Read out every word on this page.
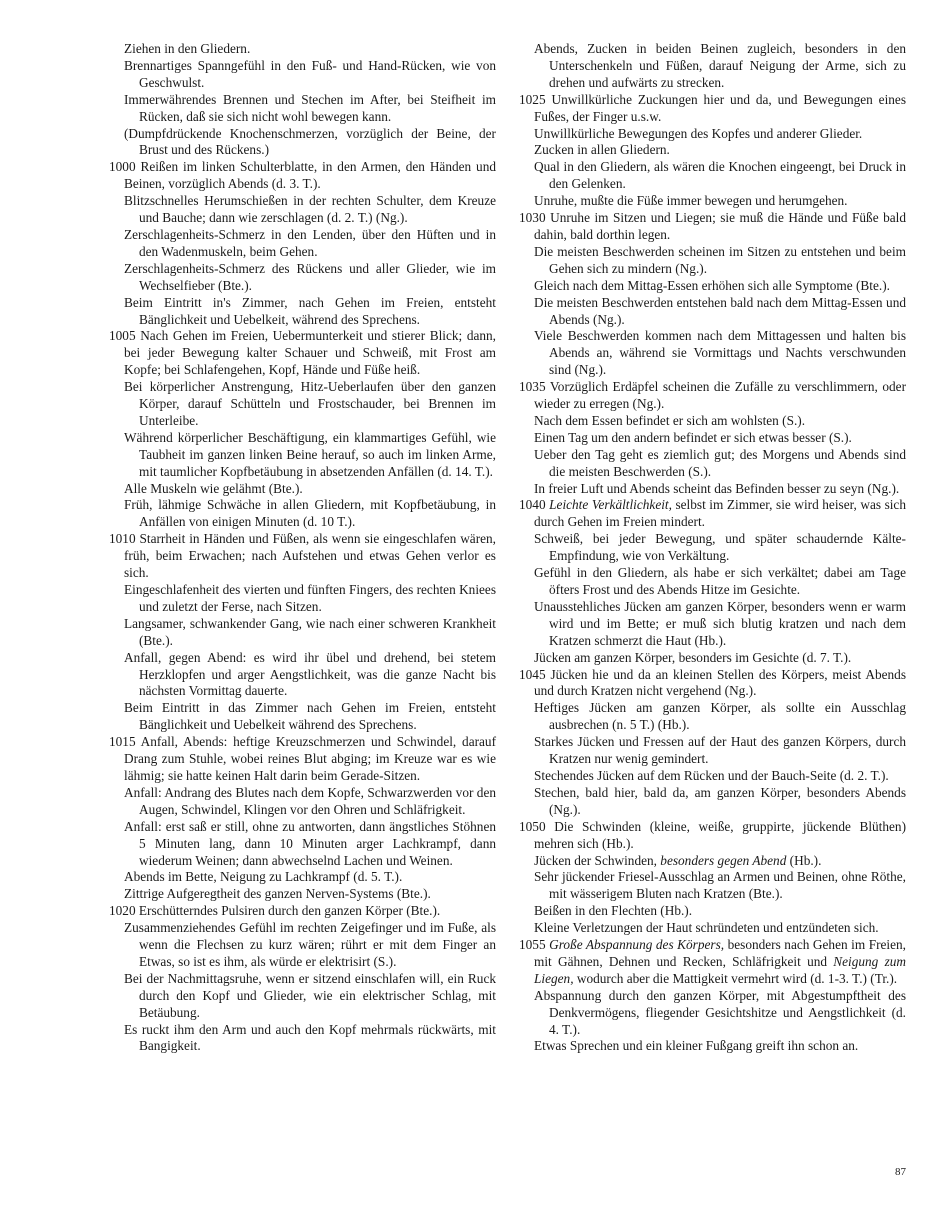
Ziehen in den Gliedern.

Brennartiges Spanngefühl in den Fuß- und Hand-Rücken, wie von Geschwulst.

Immerwährendes Brennen und Stechen im After, bei Steifheit im Rücken, daß sie sich nicht wohl bewegen kann.

(Dumpfdrückende Knochenschmerzen, vorzüglich der Beine, der Brust und des Rückens.)

1000 Reißen im linken Schulterblatte, in den Armen, den Händen und Beinen, vorzüglich Abends (d. 3. T.).

Blitzschnelles Herumschießen in der rechten Schulter, dem Kreuze und Bauche; dann wie zerschlagen (d. 2. T.) (Ng.).

Zerschlagenheits-Schmerz in den Lenden, über den Hüften und in den Wadenmuskeln, beim Gehen.

Zerschlagenheits-Schmerz des Rückens und aller Glieder, wie im Wechselfieber (Bte.).

Beim Eintritt in's Zimmer, nach Gehen im Freien, entsteht Bänglichkeit und Uebelkeit, während des Sprechens.

1005 Nach Gehen im Freien, Uebermunterkeit und stierer Blick; dann, bei jeder Bewegung kalter Schauer und Schweiß, mit Frost am Kopfe; bei Schlafengehen, Kopf, Hände und Füße heiß.

Bei körperlicher Anstrengung, Hitz-Ueberlaufen über den ganzen Körper, darauf Schütteln und Frostschauder, bei Brennen im Unterleibe.

Während körperlicher Beschäftigung, ein klammartiges Gefühl, wie Taubheit im ganzen linken Beine herauf, so auch im linken Arme, mit taumlicher Kopfbetäubung in absetzenden Anfällen (d. 14. T.).

Alle Muskeln wie gelähmt (Bte.).

Früh, lähmige Schwäche in allen Gliedern, mit Kopfbetäubung, in Anfällen von einigen Minuten (d. 10 T.).

1010 Starrheit in Händen und Füßen, als wenn sie eingeschlafen wären, früh, beim Erwachen; nach Aufstehen und etwas Gehen verlor es sich.

Eingeschlafenheit des vierten und fünften Fingers, des rechten Kniees und zuletzt der Ferse, nach Sitzen.

Langsamer, schwankender Gang, wie nach einer schweren Krankheit (Bte.).

Anfall, gegen Abend: es wird ihr übel und drehend, bei stetem Herzklopfen und arger Aengstlichkeit, was die ganze Nacht bis nächsten Vormittag dauerte.

Beim Eintritt in das Zimmer nach Gehen im Freien, entsteht Bänglichkeit und Uebelkeit während des Sprechens.

1015 Anfall, Abends: heftige Kreuzschmerzen und Schwindel, darauf Drang zum Stuhle, wobei reines Blut abging; im Kreuze war es wie lähmig; sie hatte keinen Halt darin beim Gerade-Sitzen.

Anfall: Andrang des Blutes nach dem Kopfe, Schwarzwerden vor den Augen, Schwindel, Klingen vor den Ohren und Schläfrigkeit.

Anfall: erst saß er still, ohne zu antworten, dann ängstliches Stöhnen 5 Minuten lang, dann 10 Minuten arger Lachkrampf, dann wiederum Weinen; dann abwechselnd Lachen und Weinen.

Abends im Bette, Neigung zu Lachkrampf (d. 5. T.).

Zittrige Aufgeregtheit des ganzen Nerven-Systems (Bte.).

1020 Erschütterndes Pulsiren durch den ganzen Körper (Bte.).

Zusammenziehendes Gefühl im rechten Zeigefinger und im Fuße, als wenn die Flechsen zu kurz wären; rührt er mit dem Finger an Etwas, so ist es ihm, als würde er elektrisirt (S.).

Bei der Nachmittagsruhe, wenn er sitzend einschlafen will, ein Ruck durch den Kopf und Glieder, wie ein elektrischer Schlag, mit Betäubung.

Es ruckt ihm den Arm und auch den Kopf mehrmals rückwärts, mit Bangigkeit.

Abends, Zucken in beiden Beinen zugleich, besonders in den Unterschenkeln und Füßen, darauf Neigung der Arme, sich zu drehen und aufwärts zu strecken.

1025 Unwillkürliche Zuckungen hier und da, und Bewegungen eines Fußes, der Finger u.s.w.

Unwillkürliche Bewegungen des Kopfes und anderer Glieder.

Zucken in allen Gliedern.

Qual in den Gliedern, als wären die Knochen eingeengt, bei Druck in den Gelenken.

Unruhe, mußte die Füße immer bewegen und herumgehen.

1030 Unruhe im Sitzen und Liegen; sie muß die Hände und Füße bald dahin, bald dorthin legen.

Die meisten Beschwerden scheinen im Sitzen zu entstehen und beim Gehen sich zu mindern (Ng.).

Gleich nach dem Mittag-Essen erhöhen sich alle Symptome (Bte.).

Die meisten Beschwerden entstehen bald nach dem Mittag-Essen und Abends (Ng.).

Viele Beschwerden kommen nach dem Mittagessen und halten bis Abends an, während sie Vormittags und Nachts verschwunden sind (Ng.).

1035 Vorzüglich Erdäpfel scheinen die Zufälle zu verschlimmern, oder wieder zu erregen (Ng.).

Nach dem Essen befindet er sich am wohlsten (S.).

Einen Tag um den andern befindet er sich etwas besser (S.).

Ueber den Tag geht es ziemlich gut; des Morgens und Abends sind die meisten Beschwerden (S.).

In freier Luft und Abends scheint das Befinden besser zu seyn (Ng.).

1040 Leichte Verkältlichkeit, selbst im Zimmer, sie wird heiser, was sich durch Gehen im Freien mindert.

Schweiß, bei jeder Bewegung, und später schaudernde Kälte-Empfindung, wie von Verkältung.

Gefühl in den Gliedern, als habe er sich verkältet; dabei am Tage öfters Frost und des Abends Hitze im Gesichte.

Unausstehliches Jücken am ganzen Körper, besonders wenn er warm wird und im Bette; er muß sich blutig kratzen und nach dem Kratzen schmerzt die Haut (Hb.).

Jücken am ganzen Körper, besonders im Gesichte (d. 7. T.).

1045 Jücken hie und da an kleinen Stellen des Körpers, meist Abends und durch Kratzen nicht vergehend (Ng.).

Heftiges Jücken am ganzen Körper, als sollte ein Ausschlag ausbrechen (n. 5 T.) (Hb.).

Starkes Jücken und Fressen auf der Haut des ganzen Körpers, durch Kratzen nur wenig gemindert.

Stechendes Jücken auf dem Rücken und der Bauch-Seite (d. 2. T.).

Stechen, bald hier, bald da, am ganzen Körper, besonders Abends (Ng.).

1050 Die Schwinden (kleine, weiße, gruppirte, jückende Blüthen) mehren sich (Hb.).

Jücken der Schwinden, besonders gegen Abend (Hb.).

Sehr jückender Friesel-Ausschlag an Armen und Beinen, ohne Röthe, mit wässerigem Bluten nach Kratzen (Bte.).

Beißen in den Flechten (Hb.).

Kleine Verletzungen der Haut schründeten und entzündeten sich.

1055 Große Abspannung des Körpers, besonders nach Gehen im Freien, mit Gähnen, Dehnen und Recken, Schläfrigkeit und Neigung zum Liegen, wodurch aber die Mattigkeit vermehrt wird (d. 1-3. T.) (Tr.).

Abspannung durch den ganzen Körper, mit Abgestumpftheit des Denkvermögens, fliegender Gesichtshitze und Aengstlichkeit (d. 4. T.).

Etwas Sprechen und ein kleiner Fußgang greift ihn schon an.

87
